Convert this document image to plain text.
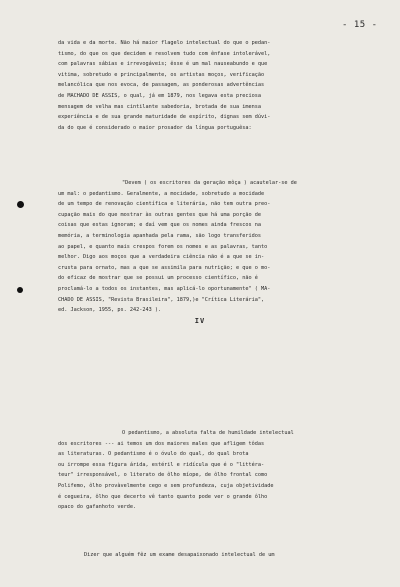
- 15 -
da vida e da morte. Não há maior flagelo intelectual do que o pedan-
tismo, do que os que decidem e resolvem tudo com ênfase intolerável,
com palavras sábias e irrevogáveis; êsse é um mal nauseabundo e que
vitima, sobretudo e principalmente, os artistas moços, verificação
melancólica que nos evoca, de passagem, as ponderosas advertências
de MACHADO DE ASSIS, o qual, já em 1879, nos legava esta preciosa
mensagem de velha mas cintilante sabedoria, brotada de sua imensa
experiência e de sua grande maturidade de espírito, dignas sem dúvi-
da do que é considerado o maior prosador da língua portuguêsa:
"Devem ( os escritores da geração môça ) acautelar-se de
um mal: o pedantismo. Geralmente, a mocidade, sobretudo a mocidade
de um tempo de renovação científica e literária, não tem outra preo-
cupação mais do que mostrar às outras gentes que há uma porção de
coisas que estas ignoram; e daí vem que os nomes ainda frescos na
memória, a terminologia apanhada pela rama, são logo transferidos
ao papel, e quanto mais crespos forem os nomes e as palavras, tanto
melhor. Digo aos moços que a verdadeira ciência não é a que se in-
crusta para ornato, mas a que se assimila para nutrição; e que o mo-
do eficaz de mostrar que se possui um processo científico, não é
proclamá-lo a todos os instantes, mas aplicá-lo oportunamente" ( MA-
CHADO DE ASSIS, "Revista Brasileira", 1879,)e "Crítica Literária",
ed. Jackson, 1955, ps. 242-243 ).
IV
O pedantismo, a absoluta falta de humildade intelectual
dos escritores --- ai temos um dos maiores males que afligem tôdas
as literaturas. O pedantismo é o óvulo do qual, do qual brota
ou irrompe essa figura árida, estéril e ridícula que é o "littéra-
teur" irresponsável, o literato de ôlho míope, de ôlho frontal como
Polifemo, ôlho provàvelmente cego e sem profundeza, cuja objetividade
é cegueira, ôlho que decerto vê tanto quanto pode ver o grande ôlho
opaco do gafanhoto verde.
Dizer que alguém fêz um exame desapaixonado intelectual de um
